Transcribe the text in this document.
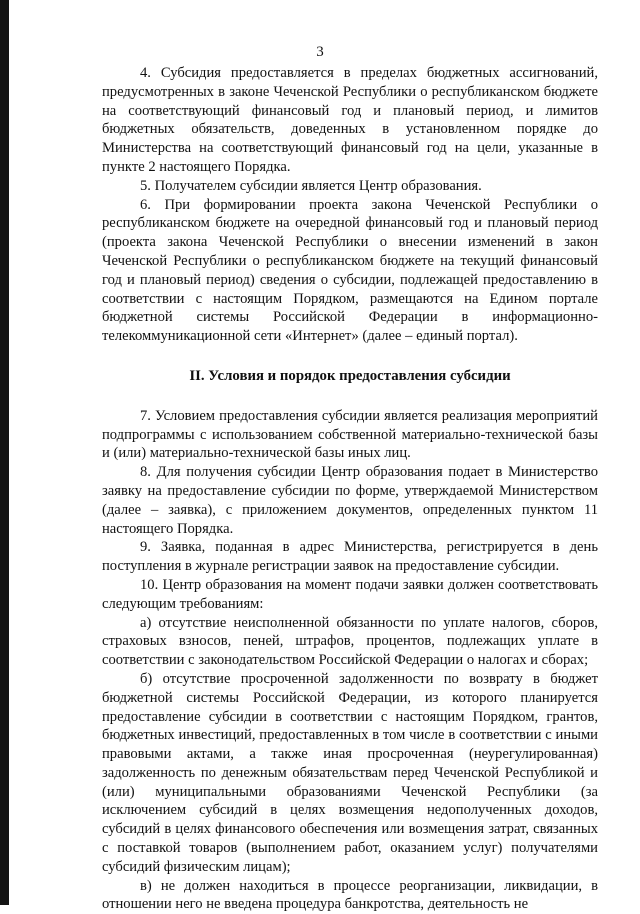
3

4. Субсидия предоставляется в пределах бюджетных ассигнований, предусмотренных в законе Чеченской Республики о республиканском бюджете на соответствующий финансовый год и плановый период, и лимитов бюджетных обязательств, доведенных в установленном порядке до Министерства на соответствующий финансовый год на цели, указанные в пункте 2 настоящего Порядка.

5. Получателем субсидии является Центр образования.

6. При формировании проекта закона Чеченской Республики о республиканском бюджете на очередной финансовый год и плановый период (проекта закона Чеченской Республики о внесении изменений в закон Чеченской Республики о республиканском бюджете на текущий финансовый год и плановый период) сведения о субсидии, подлежащей предоставлению в соответствии с настоящим Порядком, размещаются на Едином портале бюджетной системы Российской Федерации в информационно-телекоммуникационной сети «Интернет» (далее – единый портал).

II. Условия и порядок предоставления субсидии

7. Условием предоставления субсидии является реализация мероприятий подпрограммы с использованием собственной материально-технической базы и (или) материально-технической базы иных лиц.

8. Для получения субсидии Центр образования подает в Министерство заявку на предоставление субсидии по форме, утверждаемой Министерством (далее – заявка), с приложением документов, определенных пунктом 11 настоящего Порядка.

9. Заявка, поданная в адрес Министерства, регистрируется в день поступления в журнале регистрации заявок на предоставление субсидии.

10. Центр образования на момент подачи заявки должен соответствовать следующим требованиям:

а) отсутствие неисполненной обязанности по уплате налогов, сборов, страховых взносов, пеней, штрафов, процентов, подлежащих уплате в соответствии с законодательством Российской Федерации о налогах и сборах;

б) отсутствие просроченной задолженности по возврату в бюджет бюджетной системы Российской Федерации, из которого планируется предоставление субсидии в соответствии с настоящим Порядком, грантов, бюджетных инвестиций, предоставленных в том числе в соответствии с иными правовыми актами, а также иная просроченная (неурегулированная) задолженность по денежным обязательствам перед Чеченской Республикой и (или) муниципальными образованиями Чеченской Республики (за исключением субсидий в целях возмещения недополученных доходов, субсидий в целях финансового обеспечения или возмещения затрат, связанных с поставкой товаров (выполнением работ, оказанием услуг) получателями субсидий физическим лицам);

в) не должен находиться в процессе реорганизации, ликвидации, в отношении него не введена процедура банкротства, деятельность не
